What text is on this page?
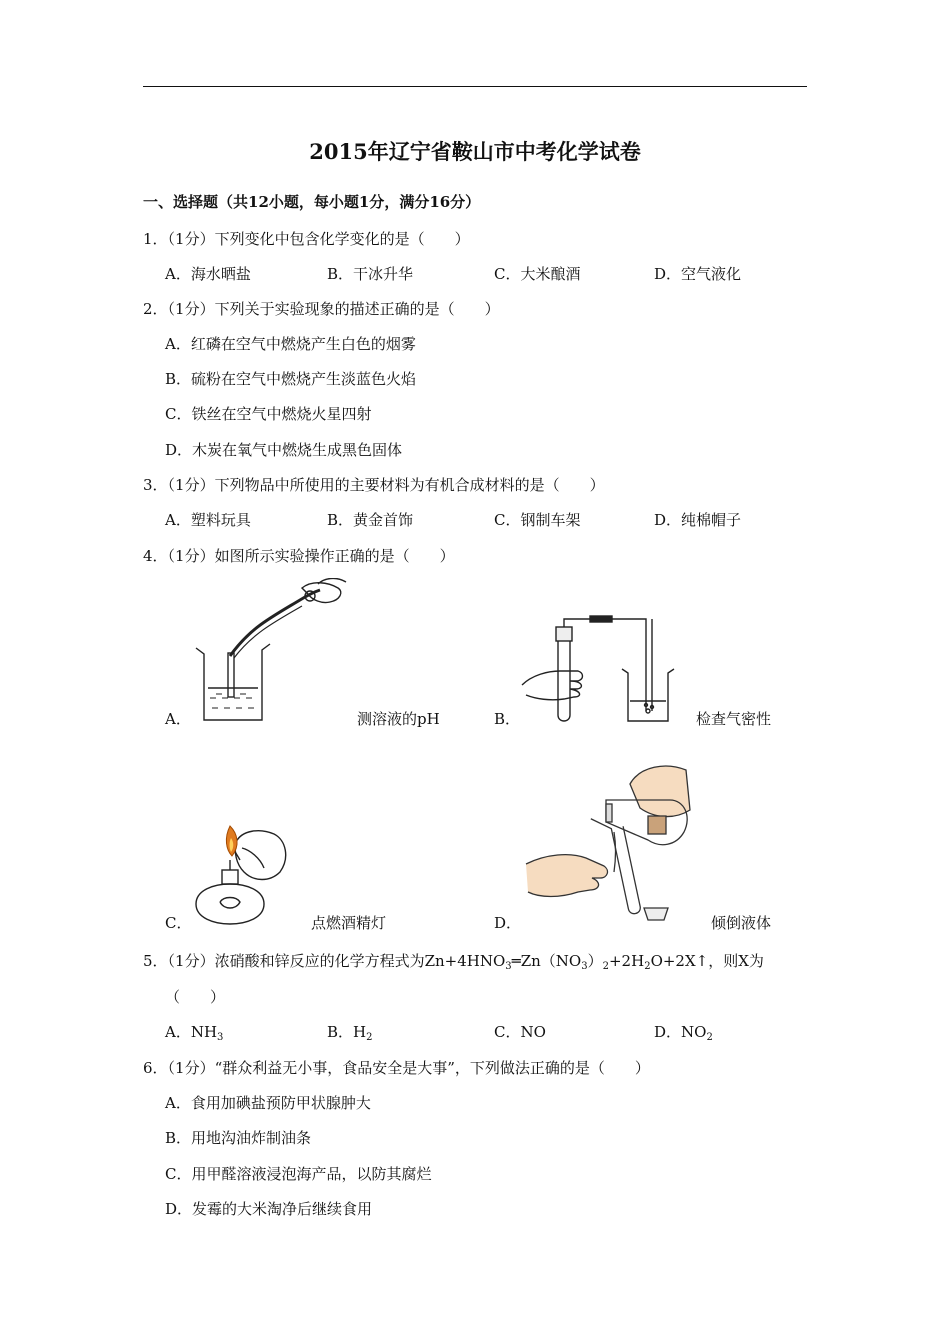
2015年辽宁省鞍山市中考化学试卷
一、选择题（共12小题，每小题1分，满分16分）
1．（1分）下列变化中包含化学变化的是（　　）
A．海水晒盐	B．干冰升华	C．大米酿酒	D．空气液化
2．（1分）下列关于实验现象的描述正确的是（　　）
A．红磷在空气中燃烧产生白色的烟雾
B．硫粉在空气中燃烧产生淡蓝色火焰
C．铁丝在空气中燃烧火星四射
D．木炭在氧气中燃烧生成黑色固体
3．（1分）下列物品中所使用的主要材料为有机合成材料的是（　　）
A．塑料玩具	B．黄金首饰	C．钢制车架	D．纯棉帽子
4．（1分）如图所示实验操作正确的是（　　）
A．	测溶液的pH	B．	检查气密性
C．	点燃酒精灯	D．	倾倒液体
5．（1分）浓硝酸和锌反应的化学方程式为$Zn+4HNO_3═Zn(NO_3)_2+2H_2O+2X↑$，则X为
（　　）
A．$NH_3$	B．$H_2$	C．NO	D．$NO_2$
6．（1分）“群众利益无小事，食品安全是大事”，下列做法正确的是（　　）
A．食用加碘盐预防甲状腺肿大
B．用地沟油炸制油条
C．用甲醛溶液浸泡海产品，以防其腐烂
D．发霉的大米淘净后继续食用
